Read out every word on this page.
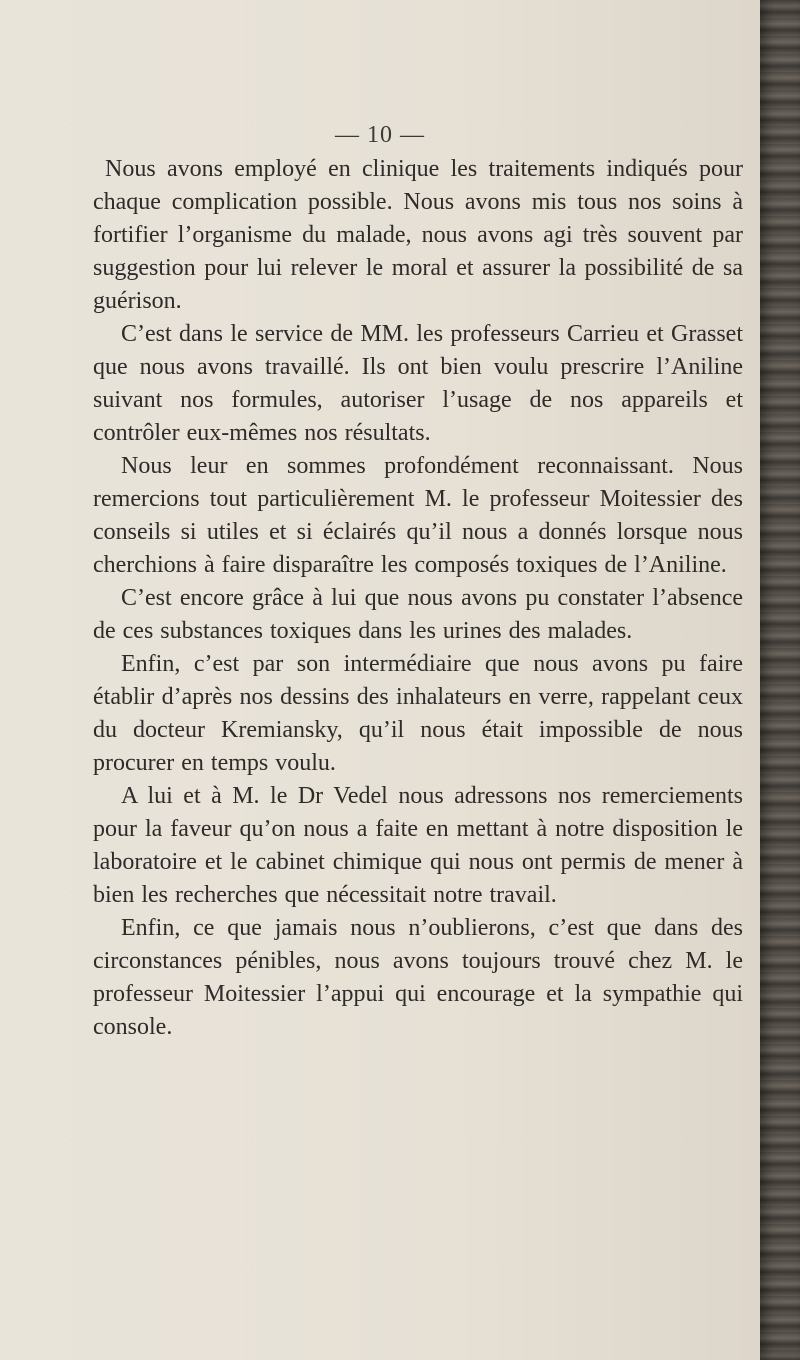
— 10 —

Nous avons employé en clinique les traitements indiqués pour chaque complication possible. Nous avons mis tous nos soins à fortifier l’organisme du malade, nous avons agi très souvent par suggestion pour lui relever le moral et assurer la possibilité de sa guérison.

C’est dans le service de MM. les professeurs Carrieu et Grasset que nous avons travaillé. Ils ont bien voulu prescrire l’Aniline suivant nos formules, autoriser l’usage de nos appareils et contrôler eux-mêmes nos résultats.

Nous leur en sommes profondément reconnaissant. Nous remercions tout particulièrement M. le professeur Moitessier des conseils si utiles et si éclairés qu’il nous a donnés lorsque nous cherchions à faire disparaître les composés toxiques de l’Aniline.

C’est encore grâce à lui que nous avons pu constater l’absence de ces substances toxiques dans les urines des malades.

Enfin, c’est par son intermédiaire que nous avons pu faire établir d’après nos dessins des inhalateurs en verre, rappelant ceux du docteur Kremiansky, qu’il nous était impossible de nous procurer en temps voulu.

A lui et à M. le Dr Vedel nous adressons nos remerciements pour la faveur qu’on nous a faite en mettant à notre disposition le laboratoire et le cabinet chimique qui nous ont permis de mener à bien les recherches que nécessitait notre travail.

Enfin, ce que jamais nous n’oublierons, c’est que dans des circonstances pénibles, nous avons toujours trouvé chez M. le professeur Moitessier l’appui qui encourage et la sympathie qui console.
